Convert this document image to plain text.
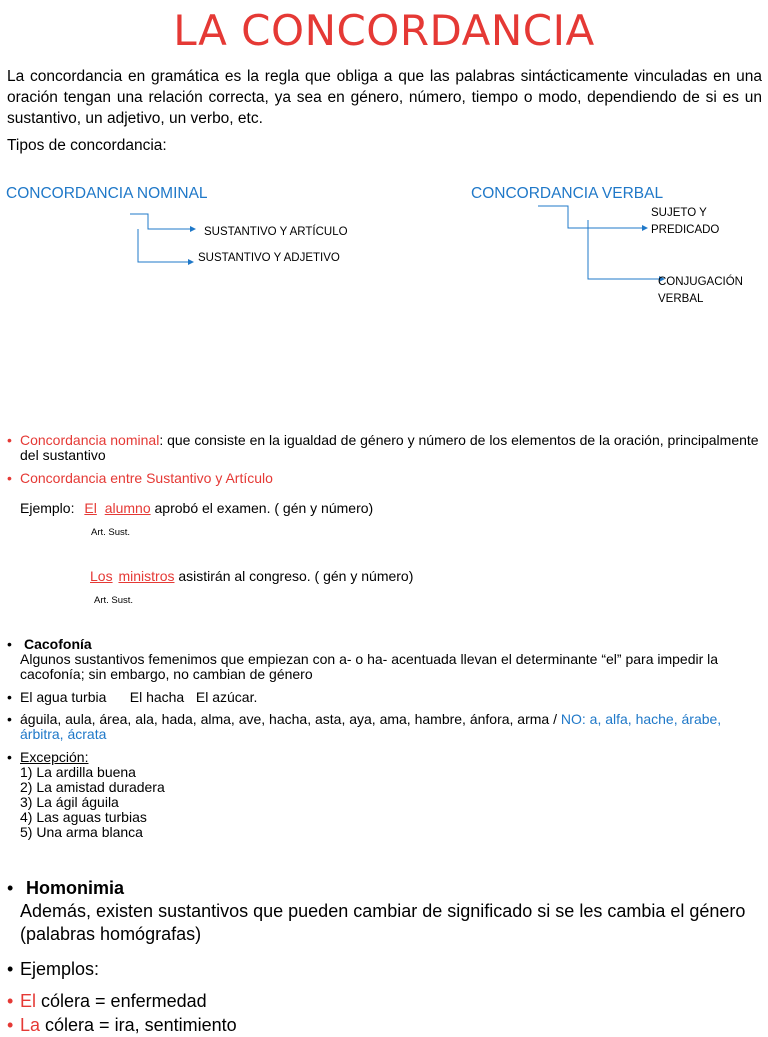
LA CONCORDANCIA
La concordancia en gramática es la regla que obliga a que las palabras sintácticamente vinculadas en una oración tengan una relación correcta, ya sea en género, número, tiempo o modo, dependiendo de si es un sustantivo, un adjetivo, un verbo, etc.
Tipos de concordancia:
CONCORDANCIA NOMINAL	CONCORDANCIA VERBAL
SUSTANTIVO Y ARTÍCULO
SUSTANTIVO Y ADJETIVO
SUJETO Y
PREDICADO
CONJUGACIÓN
VERBAL
• Concordancia nominal: que consiste en la igualdad de género y número de los elementos de la oración, principalmente del sustantivo
• Concordancia entre Sustantivo y Artículo
Ejemplo: El alumno aprobó el examen. ( gén y número)
Art. Sust.
Los ministros asistirán al congreso. ( gén y número)
Art. Sust.
• Cacofonía
Algunos sustantivos femenimos que empiezan con a- o ha- acentuada llevan el determinante “el” para impedir la cacofonía; sin embargo, no cambian de género
• El agua turbia      El hacha   El azúcar.
• águila, aula, área, ala, hada, alma, ave, hacha, asta, aya, ama, hambre, ánfora, arma / NO: a, alfa, hache, árabe, árbitra, ácrata
• Excepción:
1) La ardilla buena
2) La amistad duradera
3) La ágil águila
4) Las aguas turbias
5) Una arma blanca
• Homonimia
Además, existen sustantivos que pueden cambiar de significado si se les cambia el género (palabras homógrafas)
• Ejemplos:
• El cólera = enfermedad
• La cólera = ira, sentimiento
